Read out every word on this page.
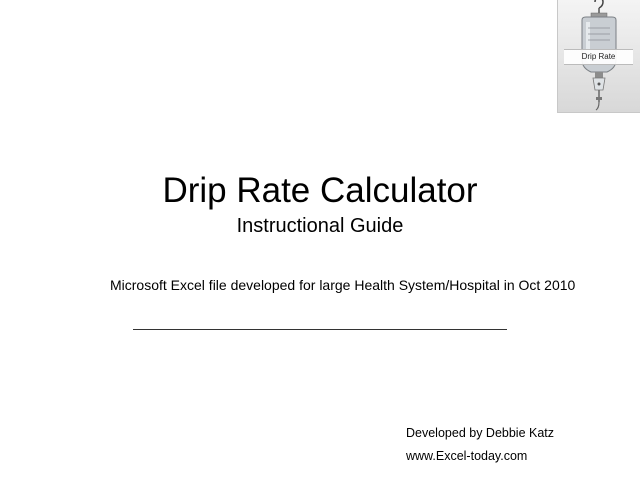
Drip Rate
Drip Rate Calculator
Instructional Guide
Microsoft Excel file developed for large Health System/Hospital in Oct 2010
Developed by Debbie Katz
www.Excel-today.com
